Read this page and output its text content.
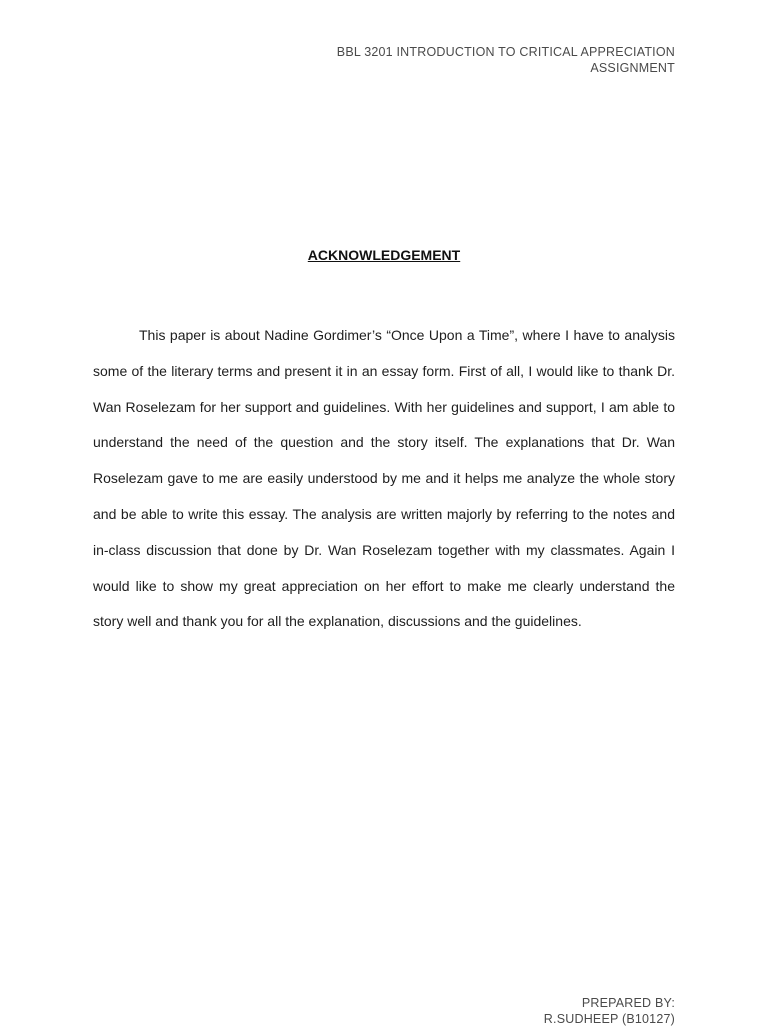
BBL 3201 INTRODUCTION TO CRITICAL APPRECIATION
ASSIGNMENT
ACKNOWLEDGEMENT

This paper is about Nadine Gordimer’s “Once Upon a Time”, where I have to analysis some of the literary terms and present it in an essay form. First of all, I would like to thank Dr. Wan Roselezam for her support and guidelines. With her guidelines and support, I am able to understand the need of the question and the story itself. The explanations that Dr. Wan Roselezam gave to me are easily understood by me and it helps me analyze the whole story and be able to write this essay. The analysis are written majorly by referring to the notes and in-class discussion that done by Dr. Wan Roselezam together with my classmates. Again I would like to show my great appreciation on her effort to make me clearly understand the story well and thank you for all the explanation, discussions and the guidelines.

PREPARED BY:
R.SUDHEEP (B10127)
